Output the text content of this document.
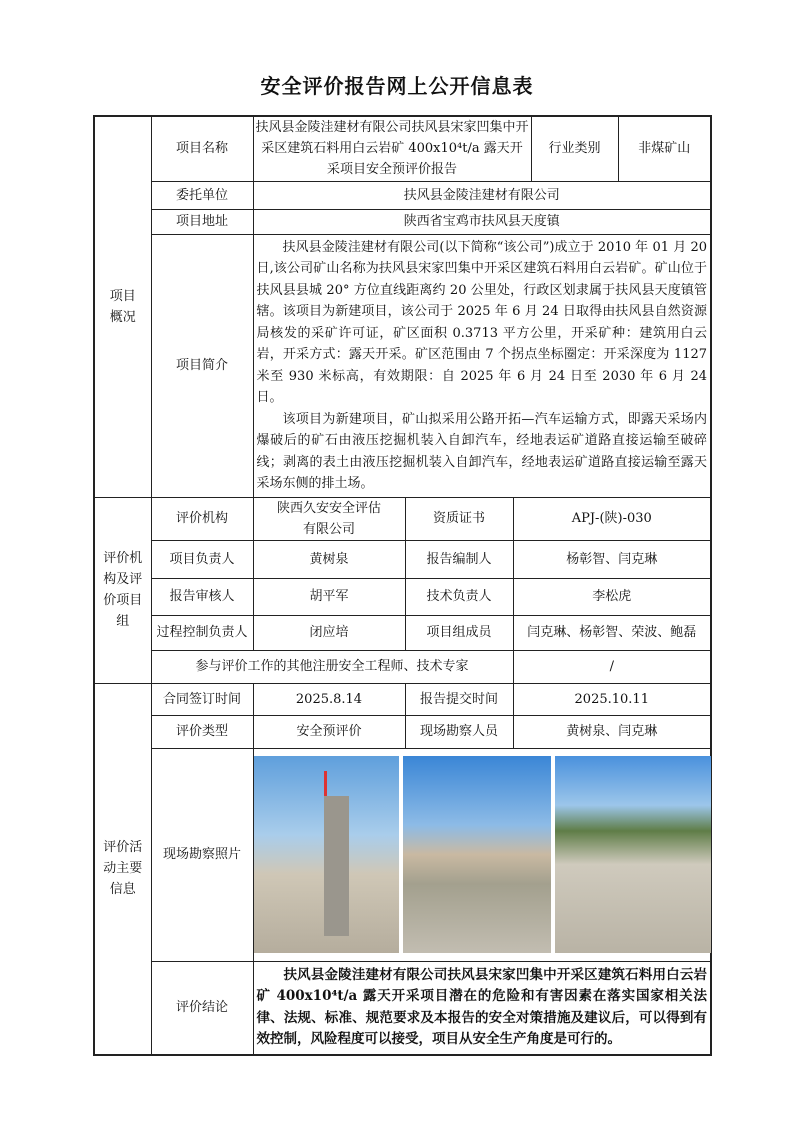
安全评价报告网上公开信息表
项目
概况	项目名称	扶风县金陵洼建材有限公司扶风县宋家凹集中开采区建筑石料用白云岩矿 400x10⁴t/a 露天开采项目安全预评价报告			行业类别	非煤矿山
	委托单位	扶风县金陵洼建材有限公司				
	项目地址	陕西省宝鸡市扶风县天度镇				
	项目简介	扶风县金陵洼建材有限公司(以下简称“该公司”)成立于 2010 年 01 月 20 日,该公司矿山名称为扶风县宋家凹集中开采区建筑石料用白云岩矿。矿山位于扶风县县城 20° 方位直线距离约 20 公里处，行政区划隶属于扶风县天度镇管辖。该项目为新建项目，该公司于 2025 年 6 月 24 日取得由扶风县自然资源局核发的采矿许可证，矿区面积 0.3713 平方公里，开采矿种：建筑用白云岩，开采方式：露天开采。矿区范围由 7 个拐点坐标圈定：开采深度为 1127 米至 930 米标高，有效期限：自 2025 年 6 月 24 日至 2030 年 6 月 24 日。

该项目为新建项目，矿山拟采用公路开拓—汽车运输方式，即露天采场内爆破后的矿石由液压挖掘机装入自卸汽车，经地表运矿道路直接运输至破碎线；剥离的表土由液压挖掘机装入自卸汽车，经地表运矿道路直接运输至露天采场东侧的排土场。				

评价机构及评价项目组	评价机构	陕西久安安全评估有限公司	资质证书	APJ-(陕)-030		
	项目负责人	黄树泉	报告编制人	杨彰智、闫克琳		
	报告审核人	胡平军	技术负责人	李松虎		
	过程控制负责人	闭应培	项目组成员	闫克琳、杨彰智、荣波、鲍磊		
	参与评价工作的其他注册安全工程师、技术专家			/		
评价活动主要信息	合同签订时间	2025.8.14	报告提交时间	2025.10.11		
	评价类型	安全预评价	现场勘察人员	黄树泉、闫克琳		
	现场勘察照片					

	评价结论	扶风县金陵洼建材有限公司扶风县宋家凹集中开采区建筑石料用白云岩矿 400x10⁴t/a 露天开采项目潜在的危险和有害因素在落实国家相关法律、法规、标准、规范要求及本报告的安全对策措施及建议后，可以得到有效控制，风险程度可以接受，项目从安全生产角度是可行的。				
